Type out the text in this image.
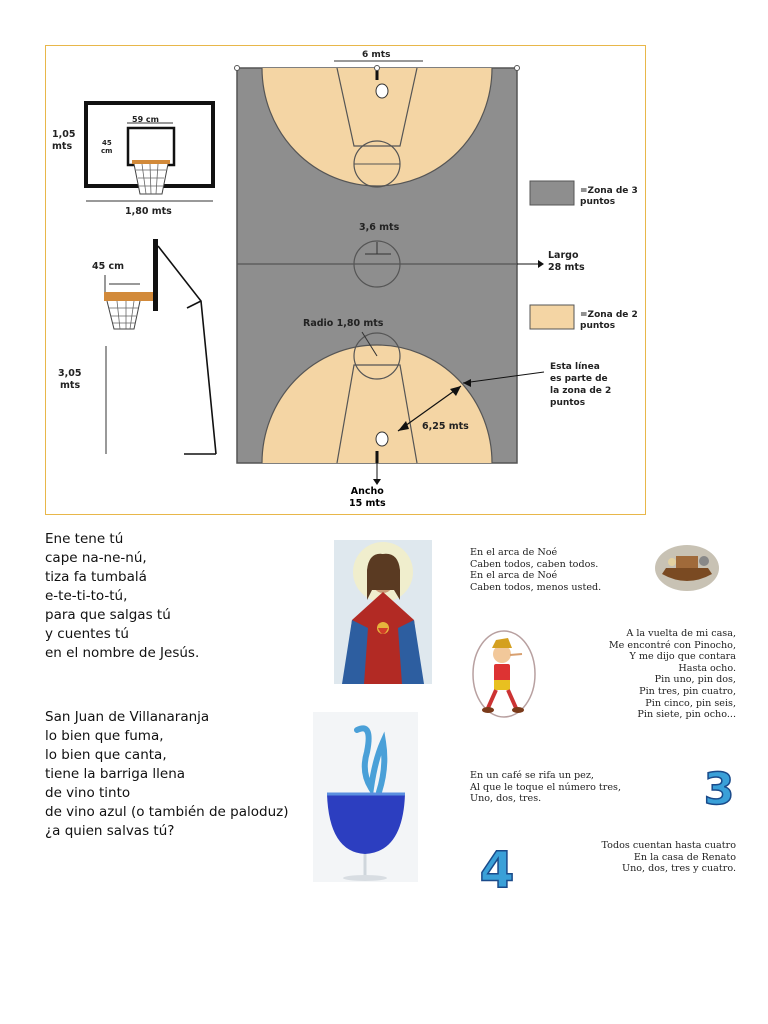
6 mts
3,6 mts
Radio 1,80 mts
6,25 mts
59 cm
1,80 mts
1,05 mts	45 cm
45 cm
3,05 mts
=Zona de 3 puntos
=Zona de 2 puntos
Largo 28 mts
Esta línea es parte de la zona de 2 puntos
Ancho
15 mts
Ene tene tú
cape na-ne-nú,
tiza fa tumbalá
e-te-ti-to-tú,
para que salgas tú
y cuentes tú
en el nombre de Jesús.
San Juan de Villanaranja
lo bien que fuma,
lo bien que canta,
tiene la barriga llena
de vino tinto
de vino azul (o también de paloduz)
¿a quien salvas tú?
En el arca de Noé
Caben todos, caben todos.
En el arca de Noé
Caben todos, menos usted.
A la vuelta de mi casa,
Me encontré con Pinocho,
Y me dijo que contara
Hasta ocho.
Pin uno, pin dos,
Pin tres, pin cuatro,
Pin cinco, pin seis,
Pin siete, pin ocho...
En un café se rifa un pez,
Al que le toque el número tres,
Uno, dos, tres.	3
Todos cuentan hasta cuatro
En la casa de Renato
Uno, dos, tres y cuatro.
4
